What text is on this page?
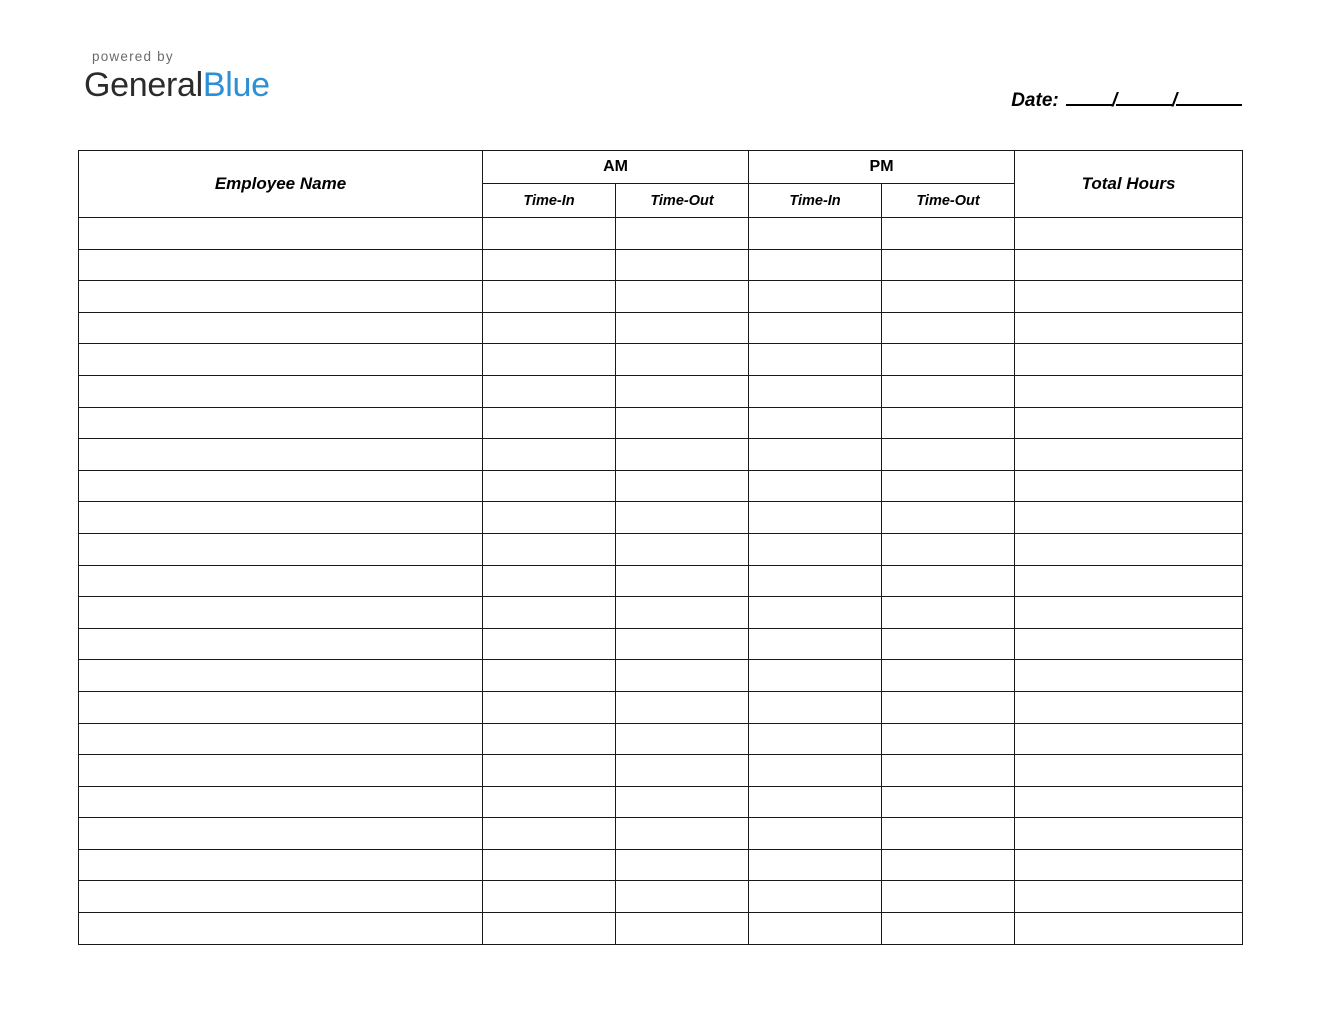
powered by
GeneralBlue	Date:	/	/
Employee Name	AM		PM		Total Hours
	Time-In	Time-Out	Time-In	Time-Out	
